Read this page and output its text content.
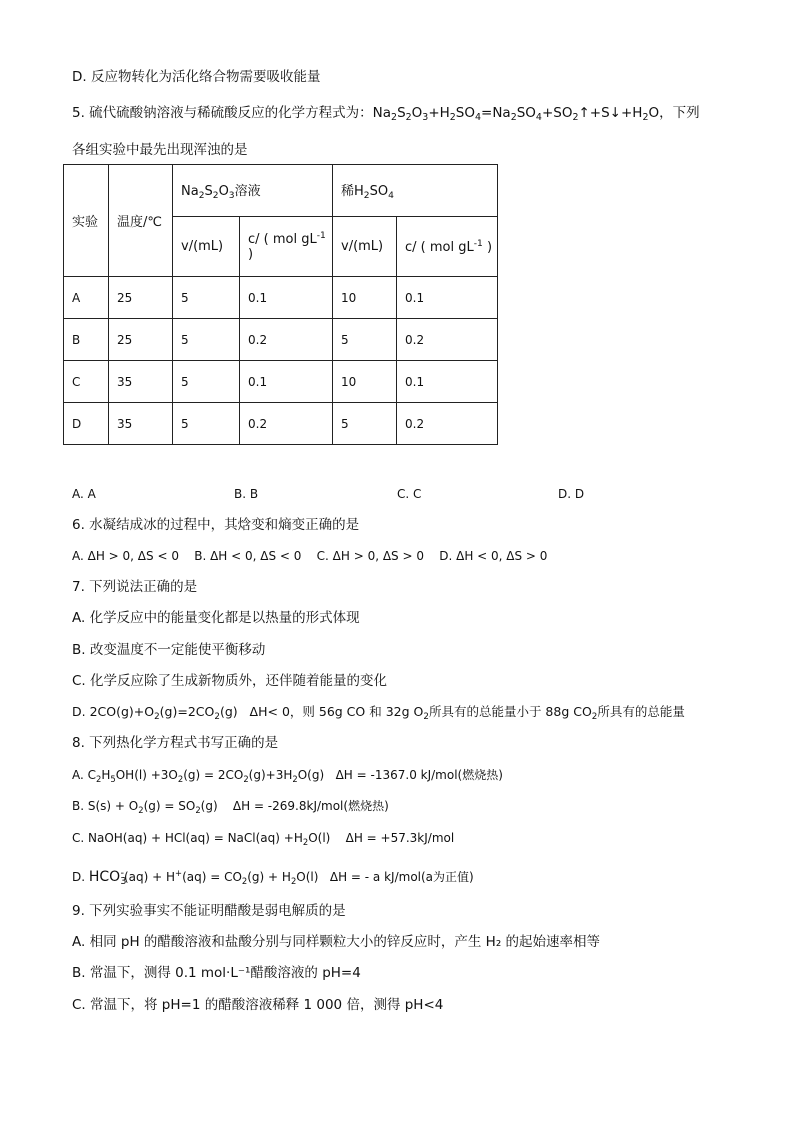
D. 反应物转化为活化络合物需要吸收能量
5. 硫代硫酸钠溶液与稀硫酸反应的化学方程式为：$Na_2S_2O_3+H_2SO_4=Na_2SO_4+SO_2↑+S↓+H_2O$，下列
各组实验中最先出现浑浊的是
实验	温度/℃	$Na_2S_2O_3$溶液		稀$H_2SO_4$
		v/(mL)	c/ ( mol $gL^{-1}$ )	v/(mL)	c/ ( mol $gL^{-1}$ )
A	25	5	0.1	10	0.1
B	25	5	0.2	5	0.2
C	35	5	0.1	10	0.1
D	35	5	0.2	5	0.2
A. A	B. B	C. C	D. D
6. 水凝结成冰的过程中，其焓变和熵变正确的是
A. ΔH > 0, ΔS < 0    B. ΔH < 0, ΔS < 0    C. ΔH > 0, ΔS > 0    D. ΔH < 0, ΔS > 0
7. 下列说法正确的是
A. 化学反应中的能量变化都是以热量的形式体现
B. 改变温度不一定能使平衡移动
C. 化学反应除了生成新物质外，还伴随着能量的变化
D. $2CO(g)+O_2(g)=2CO_2(g)$   ΔH< 0，则 56g CO 和 32g $O_2$所具有的总能量小于 88g $CO_2$所具有的总能量
8. 下列热化学方程式书写正确的是
A. $C_2H_5OH(l) +3O_2(g) = 2CO_2(g)+3H_2O(g) \Delta H = -1367.0$ kJ/mol(燃烧热)
B. $S(s) + O_2(g) = SO_2(g)$    ΔH = -269.8kJ/mol(燃烧热)
C. NaOH(aq) + HCl(aq) = NaCl(aq) $+H_2O(l)$    ΔH = +57.3kJ/mol
D. $HCO_3^-(aq) + H^+(aq) = CO_2(g) + H_2O(l) \Delta H$ = - a kJ/mol(a为正值)
9. 下列实验事实不能证明醋酸是弱电解质的是
A. 相同 pH 的醋酸溶液和盐酸分别与同样颗粒大小的锌反应时，产生 H₂ 的起始速率相等
B. 常温下，测得 0.1 mol·L⁻¹醋酸溶液的 pH=4
C. 常温下，将 pH=1 的醋酸溶液稀释 1 000 倍，测得 pH<4
